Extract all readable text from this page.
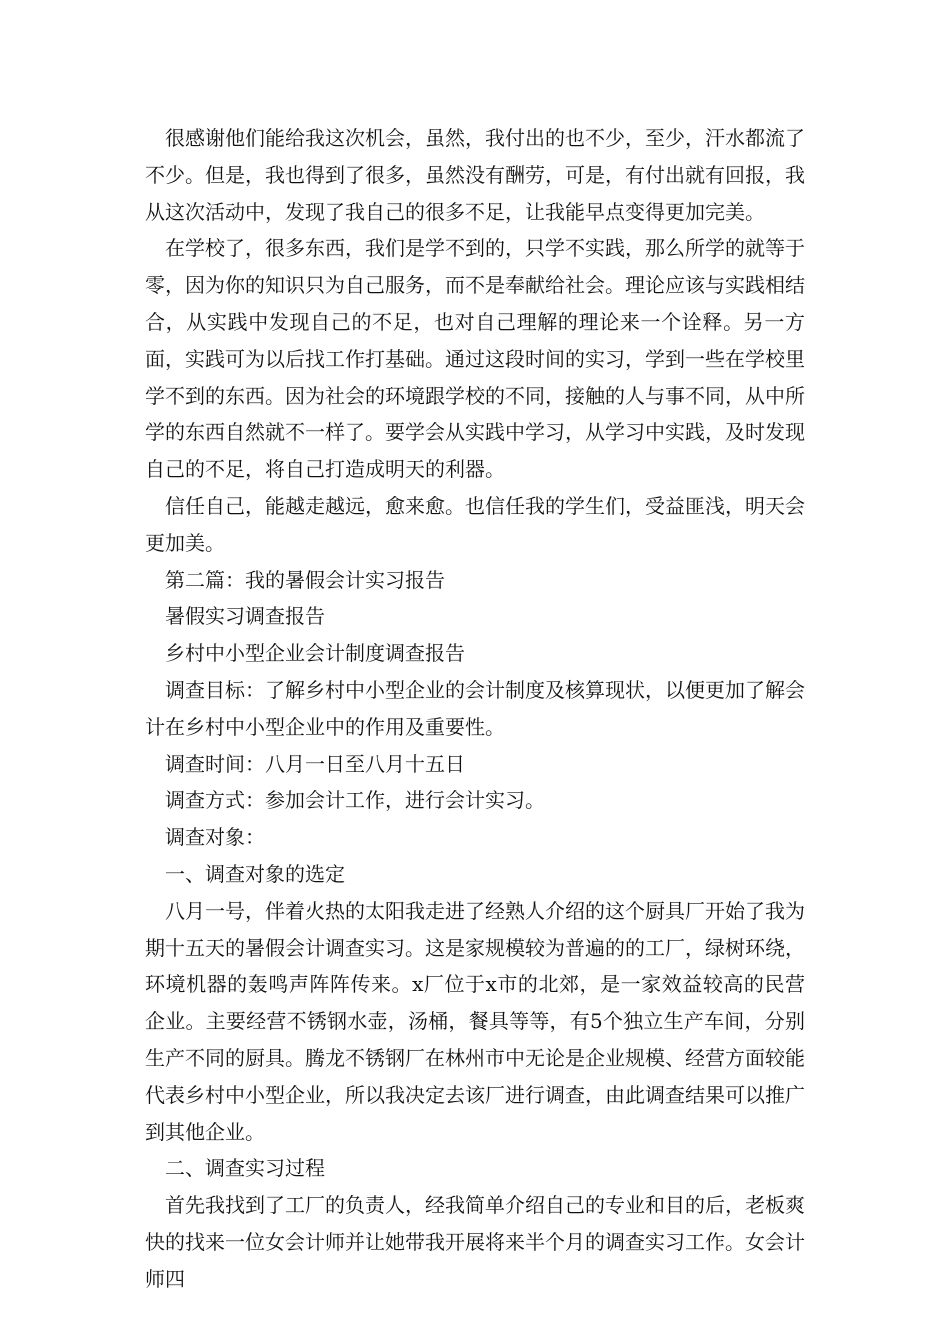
很感谢他们能给我这次机会，虽然，我付出的也不少，至少，汗水都流了不少。但是，我也得到了很多，虽然没有酬劳，可是，有付出就有回报，我从这次活动中，发现了我自己的很多不足，让我能早点变得更加完美。

在学校了，很多东西，我们是学不到的，只学不实践，那么所学的就等于零，因为你的知识只为自己服务，而不是奉献给社会。理论应该与实践相结合，从实践中发现自己的不足，也对自己理解的理论来一个诠释。另一方面，实践可为以后找工作打基础。通过这段时间的实习，学到一些在学校里学不到的东西。因为社会的环境跟学校的不同，接触的人与事不同，从中所学的东西自然就不一样了。要学会从实践中学习，从学习中实践，及时发现自己的不足，将自己打造成明天的利器。

信任自己，能越走越远，愈来愈。也信任我的学生们，受益匪浅，明天会更加美。

第二篇：我的暑假会计实习报告

暑假实习调查报告

乡村中小型企业会计制度调查报告

调查目标：了解乡村中小型企业的会计制度及核算现状，以便更加了解会计在乡村中小型企业中的作用及重要性。

调查时间：八月一日至八月十五日

调查方式：参加会计工作，进行会计实习。

调查对象：

一、调查对象的选定

八月一号，伴着火热的太阳我走进了经熟人介绍的这个厨具厂开始了我为期十五天的暑假会计调查实习。这是家规模较为普遍的的工厂，绿树环绕，环境机器的轰鸣声阵阵传来。x厂位于x市的北郊，是一家效益较高的民营企业。主要经营不锈钢水壶，汤桶，餐具等等，有5个独立生产车间，分别生产不同的厨具。腾龙不锈钢厂在林州市中无论是企业规模、经营方面较能代表乡村中小型企业，所以我决定去该厂进行调查，由此调查结果可以推广到其他企业。

二、调查实习过程

首先我找到了工厂的负责人，经我简单介绍自己的专业和目的后，老板爽快的找来一位女会计师并让她带我开展将来半个月的调查实习工作。女会计师四
